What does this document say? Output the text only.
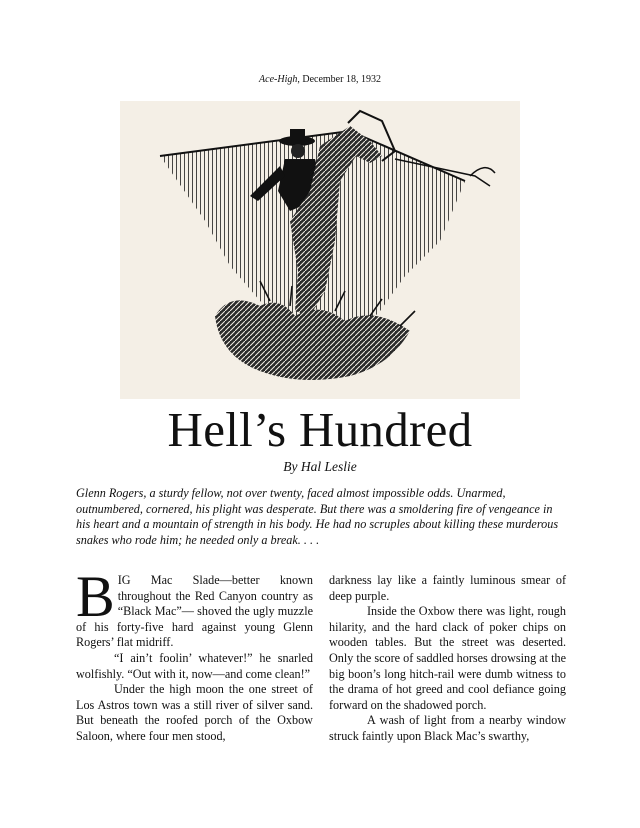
Ace-High, December 18, 1932
Hell’s Hundred
By Hal Leslie
Glenn Rogers, a sturdy fellow, not over twenty, faced almost impossible odds. Unarmed, outnumbered, cornered, his plight was desperate. But there was a smoldering fire of vengeance in his heart and a mountain of strength in his body. He had no scruples about killing these murderous snakes who rode him; he needed only a break. . . .

BIG Mac Slade—better known throughout the Red Canyon country as “Black Mac”— shoved the ugly muzzle of his forty-five hard against young Glenn Rogers’ flat midriff.

“I ain’t foolin’ whatever!” he snarled wolfishly. “Out with it, now—and come clean!”

Under the high moon the one street of Los Astros town was a still river of silver sand. But beneath the roofed porch of the Oxbow Saloon, where four men stood,

darkness lay like a faintly luminous smear of deep purple.

Inside the Oxbow there was light, rough hilarity, and the hard clack of poker chips on wooden tables. But the street was deserted. Only the score of saddled horses drowsing at the big boon’s long hitch-rail were dumb witness to the drama of hot greed and cool defiance going forward on the shadowed porch.

A wash of light from a nearby window struck faintly upon Black Mac’s swarthy,
